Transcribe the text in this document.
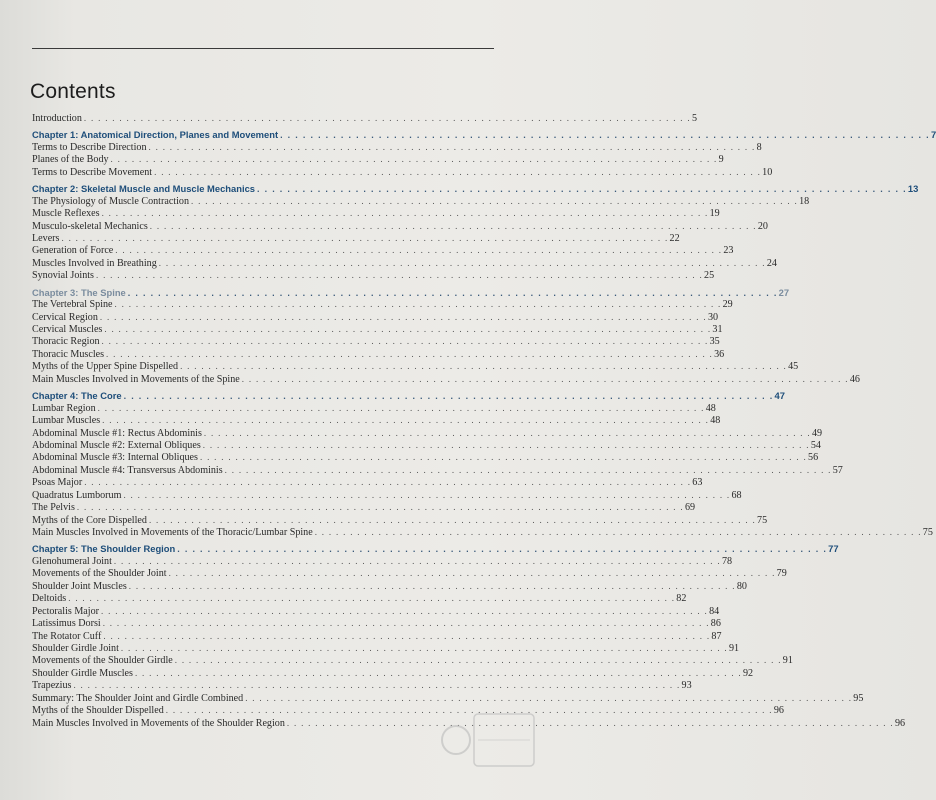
Contents
Introduction . . . . . . . . . . . . . . . . . . . . . . . . . . . . . . . . . . . . . . . . . . . . . . . . . . . . . . . . . . . . . . . . . . . . . . . . . . . . . . . . . . . . . . 5
Chapter 1: Anatomical Direction, Planes and Movement . . . . . . . . . . . . . . . . . . . . . . . . . . . . . . . . . . . . . . . . . . . . . . . . . . . . . . . . . . . . . . . . . . . . . . . . . . . . . . . . . . . . . . 7
Terms to Describe Direction . . . . . . . . . . . . . . . . . . . . . . . . . . . . . . . . . . . . . . . . . . . . . . . . . . . . . . . . . . . . . . . . . . . . . . . . . . . . . . . . . . . . . . 8
Planes of the Body . . . . . . . . . . . . . . . . . . . . . . . . . . . . . . . . . . . . . . . . . . . . . . . . . . . . . . . . . . . . . . . . . . . . . . . . . . . . . . . . . . . . . . 9
Terms to Describe Movement . . . . . . . . . . . . . . . . . . . . . . . . . . . . . . . . . . . . . . . . . . . . . . . . . . . . . . . . . . . . . . . . . . . . . . . . . . . . . . . . . . . . . . 10
Chapter 2: Skeletal Muscle and Muscle Mechanics . . . . . . . . . . . . . . . . . . . . . . . . . . . . . . . . . . . . . . . . . . . . . . . . . . . . . . . . . . . . . . . . . . . . . . . . . . . . . . . . . . . . . . 13
The Physiology of Muscle Contraction . . . . . . . . . . . . . . . . . . . . . . . . . . . . . . . . . . . . . . . . . . . . . . . . . . . . . . . . . . . . . . . . . . . . . . . . . . . . . . . . . . . . . . 18
Muscle Reflexes . . . . . . . . . . . . . . . . . . . . . . . . . . . . . . . . . . . . . . . . . . . . . . . . . . . . . . . . . . . . . . . . . . . . . . . . . . . . . . . . . . . . . . 19
Musculo-skeletal Mechanics . . . . . . . . . . . . . . . . . . . . . . . . . . . . . . . . . . . . . . . . . . . . . . . . . . . . . . . . . . . . . . . . . . . . . . . . . . . . . . . . . . . . . . 20
Levers . . . . . . . . . . . . . . . . . . . . . . . . . . . . . . . . . . . . . . . . . . . . . . . . . . . . . . . . . . . . . . . . . . . . . . . . . . . . . . . . . . . . . . 22
Generation of Force . . . . . . . . . . . . . . . . . . . . . . . . . . . . . . . . . . . . . . . . . . . . . . . . . . . . . . . . . . . . . . . . . . . . . . . . . . . . . . . . . . . . . . 23
Muscles Involved in Breathing . . . . . . . . . . . . . . . . . . . . . . . . . . . . . . . . . . . . . . . . . . . . . . . . . . . . . . . . . . . . . . . . . . . . . . . . . . . . . . . . . . . . . . 24
Synovial Joints . . . . . . . . . . . . . . . . . . . . . . . . . . . . . . . . . . . . . . . . . . . . . . . . . . . . . . . . . . . . . . . . . . . . . . . . . . . . . . . . . . . . . . 25
Chapter 3: The Spine . . . . . . . . . . . . . . . . . . . . . . . . . . . . . . . . . . . . . . . . . . . . . . . . . . . . . . . . . . . . . . . . . . . . . . . . . . . . . . . . . . . . . . 27
The Vertebral Spine . . . . . . . . . . . . . . . . . . . . . . . . . . . . . . . . . . . . . . . . . . . . . . . . . . . . . . . . . . . . . . . . . . . . . . . . . . . . . . . . . . . . . . 29
Cervical Region . . . . . . . . . . . . . . . . . . . . . . . . . . . . . . . . . . . . . . . . . . . . . . . . . . . . . . . . . . . . . . . . . . . . . . . . . . . . . . . . . . . . . . 30
Cervical Muscles . . . . . . . . . . . . . . . . . . . . . . . . . . . . . . . . . . . . . . . . . . . . . . . . . . . . . . . . . . . . . . . . . . . . . . . . . . . . . . . . . . . . . . 31
Thoracic Region . . . . . . . . . . . . . . . . . . . . . . . . . . . . . . . . . . . . . . . . . . . . . . . . . . . . . . . . . . . . . . . . . . . . . . . . . . . . . . . . . . . . . . 35
Thoracic Muscles . . . . . . . . . . . . . . . . . . . . . . . . . . . . . . . . . . . . . . . . . . . . . . . . . . . . . . . . . . . . . . . . . . . . . . . . . . . . . . . . . . . . . . 36
Myths of the Upper Spine Dispelled . . . . . . . . . . . . . . . . . . . . . . . . . . . . . . . . . . . . . . . . . . . . . . . . . . . . . . . . . . . . . . . . . . . . . . . . . . . . . . . . . . . . . . 45
Main Muscles Involved in Movements of the Spine . . . . . . . . . . . . . . . . . . . . . . . . . . . . . . . . . . . . . . . . . . . . . . . . . . . . . . . . . . . . . . . . . . . . . . . . . . . . . . . . . . . . . . 46
Chapter 4: The Core . . . . . . . . . . . . . . . . . . . . . . . . . . . . . . . . . . . . . . . . . . . . . . . . . . . . . . . . . . . . . . . . . . . . . . . . . . . . . . . . . . . . . . 47
Lumbar Region . . . . . . . . . . . . . . . . . . . . . . . . . . . . . . . . . . . . . . . . . . . . . . . . . . . . . . . . . . . . . . . . . . . . . . . . . . . . . . . . . . . . . . 48
Lumbar Muscles . . . . . . . . . . . . . . . . . . . . . . . . . . . . . . . . . . . . . . . . . . . . . . . . . . . . . . . . . . . . . . . . . . . . . . . . . . . . . . . . . . . . . . 48
Abdominal Muscle #1: Rectus Abdominis . . . . . . . . . . . . . . . . . . . . . . . . . . . . . . . . . . . . . . . . . . . . . . . . . . . . . . . . . . . . . . . . . . . . . . . . . . . . . . . . . . . . . . 49
Abdominal Muscle #2: External Obliques . . . . . . . . . . . . . . . . . . . . . . . . . . . . . . . . . . . . . . . . . . . . . . . . . . . . . . . . . . . . . . . . . . . . . . . . . . . . . . . . . . . . . . 54
Abdominal Muscle #3: Internal Obliques . . . . . . . . . . . . . . . . . . . . . . . . . . . . . . . . . . . . . . . . . . . . . . . . . . . . . . . . . . . . . . . . . . . . . . . . . . . . . . . . . . . . . . 56
Abdominal Muscle #4: Transversus Abdominis . . . . . . . . . . . . . . . . . . . . . . . . . . . . . . . . . . . . . . . . . . . . . . . . . . . . . . . . . . . . . . . . . . . . . . . . . . . . . . . . . . . . . . 57
Psoas Major . . . . . . . . . . . . . . . . . . . . . . . . . . . . . . . . . . . . . . . . . . . . . . . . . . . . . . . . . . . . . . . . . . . . . . . . . . . . . . . . . . . . . . 63
Quadratus Lumborum . . . . . . . . . . . . . . . . . . . . . . . . . . . . . . . . . . . . . . . . . . . . . . . . . . . . . . . . . . . . . . . . . . . . . . . . . . . . . . . . . . . . . . 68
The Pelvis . . . . . . . . . . . . . . . . . . . . . . . . . . . . . . . . . . . . . . . . . . . . . . . . . . . . . . . . . . . . . . . . . . . . . . . . . . . . . . . . . . . . . . 69
Myths of the Core Dispelled . . . . . . . . . . . . . . . . . . . . . . . . . . . . . . . . . . . . . . . . . . . . . . . . . . . . . . . . . . . . . . . . . . . . . . . . . . . . . . . . . . . . . . 75
Main Muscles Involved in Movements of the Thoracic/Lumbar Spine . . . . . . . . . . . . . . . . . . . . . . . . . . . . . . . . . . . . . . . . . . . . . . . . . . . . . . . . . . . . . . . . . . . . . . . . . . . . . . . . . . . . . . 75
Chapter 5: The Shoulder Region . . . . . . . . . . . . . . . . . . . . . . . . . . . . . . . . . . . . . . . . . . . . . . . . . . . . . . . . . . . . . . . . . . . . . . . . . . . . . . . . . . . . . . 77
Glenohumeral Joint . . . . . . . . . . . . . . . . . . . . . . . . . . . . . . . . . . . . . . . . . . . . . . . . . . . . . . . . . . . . . . . . . . . . . . . . . . . . . . . . . . . . . . 78
Movements of the Shoulder Joint . . . . . . . . . . . . . . . . . . . . . . . . . . . . . . . . . . . . . . . . . . . . . . . . . . . . . . . . . . . . . . . . . . . . . . . . . . . . . . . . . . . . . . 79
Shoulder Joint Muscles . . . . . . . . . . . . . . . . . . . . . . . . . . . . . . . . . . . . . . . . . . . . . . . . . . . . . . . . . . . . . . . . . . . . . . . . . . . . . . . . . . . . . . 80
Deltoids . . . . . . . . . . . . . . . . . . . . . . . . . . . . . . . . . . . . . . . . . . . . . . . . . . . . . . . . . . . . . . . . . . . . . . . . . . . . . . . . . . . . . . 82
Pectoralis Major . . . . . . . . . . . . . . . . . . . . . . . . . . . . . . . . . . . . . . . . . . . . . . . . . . . . . . . . . . . . . . . . . . . . . . . . . . . . . . . . . . . . . . 84
Latissimus Dorsi . . . . . . . . . . . . . . . . . . . . . . . . . . . . . . . . . . . . . . . . . . . . . . . . . . . . . . . . . . . . . . . . . . . . . . . . . . . . . . . . . . . . . . 86
The Rotator Cuff . . . . . . . . . . . . . . . . . . . . . . . . . . . . . . . . . . . . . . . . . . . . . . . . . . . . . . . . . . . . . . . . . . . . . . . . . . . . . . . . . . . . . . 87
Shoulder Girdle Joint . . . . . . . . . . . . . . . . . . . . . . . . . . . . . . . . . . . . . . . . . . . . . . . . . . . . . . . . . . . . . . . . . . . . . . . . . . . . . . . . . . . . . . 91
Movements of the Shoulder Girdle . . . . . . . . . . . . . . . . . . . . . . . . . . . . . . . . . . . . . . . . . . . . . . . . . . . . . . . . . . . . . . . . . . . . . . . . . . . . . . . . . . . . . . 91
Shoulder Girdle Muscles . . . . . . . . . . . . . . . . . . . . . . . . . . . . . . . . . . . . . . . . . . . . . . . . . . . . . . . . . . . . . . . . . . . . . . . . . . . . . . . . . . . . . . 92
Trapezius . . . . . . . . . . . . . . . . . . . . . . . . . . . . . . . . . . . . . . . . . . . . . . . . . . . . . . . . . . . . . . . . . . . . . . . . . . . . . . . . . . . . . . 93
Summary: The Shoulder Joint and Girdle Combined . . . . . . . . . . . . . . . . . . . . . . . . . . . . . . . . . . . . . . . . . . . . . . . . . . . . . . . . . . . . . . . . . . . . . . . . . . . . . . . . . . . . . . 95
Myths of the Shoulder Dispelled . . . . . . . . . . . . . . . . . . . . . . . . . . . . . . . . . . . . . . . . . . . . . . . . . . . . . . . . . . . . . . . . . . . . . . . . . . . . . . . . . . . . . . 96
Main Muscles Involved in Movements of the Shoulder Region . . . . . . . . . . . . . . . . . . . . . . . . . . . . . . . . . . . . . . . . . . . . . . . . . . . . . . . . . . . . . . . . . . . . . . . . . . . . . . . . . . . . . . 96
